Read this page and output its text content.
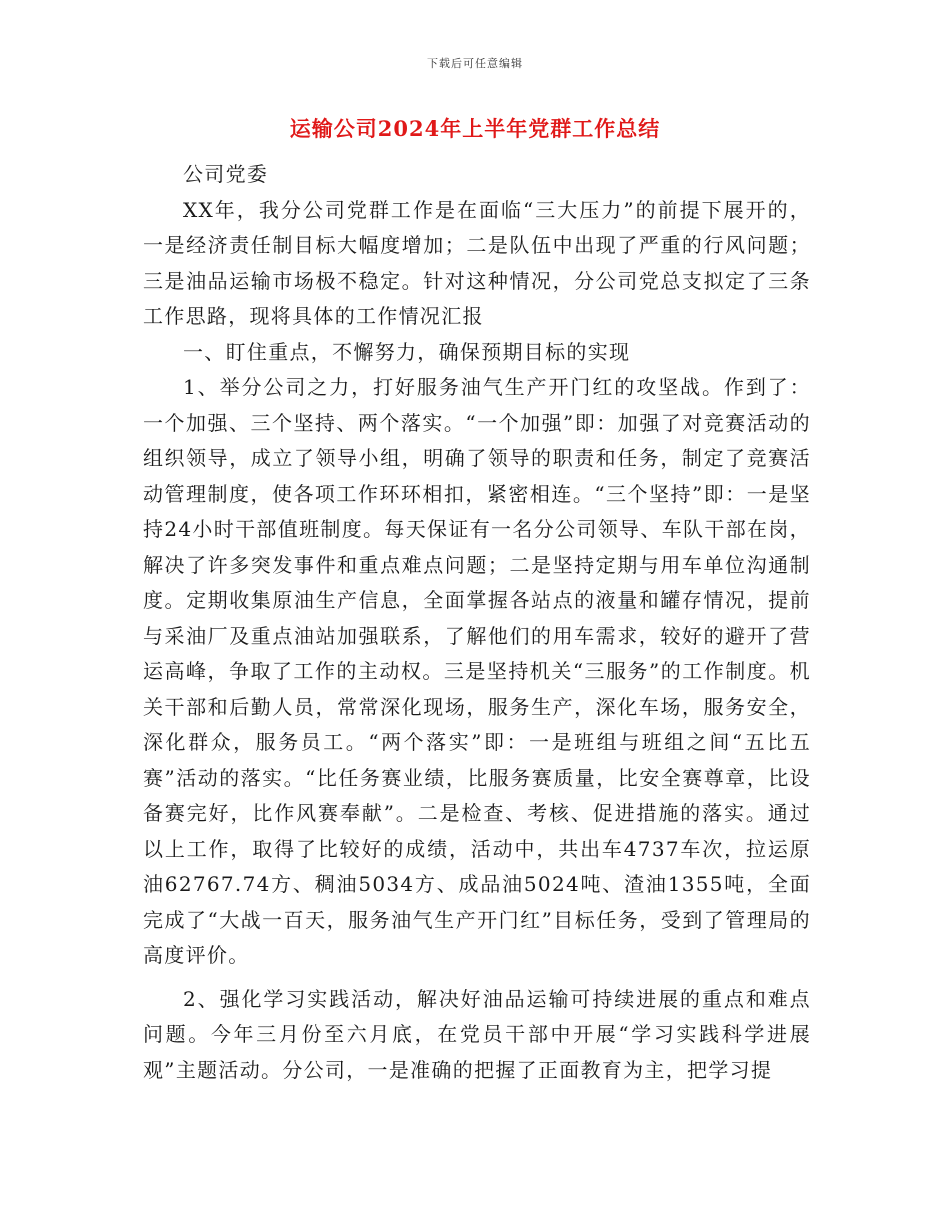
下载后可任意编辑
运输公司2024年上半年党群工作总结

公司党委

XX年，我分公司党群工作是在面临“三大压力”的前提下展开的，一是经济责任制目标大幅度增加；二是队伍中出现了严重的行风问题；三是油品运输市场极不稳定。针对这种情况，分公司党总支拟定了三条工作思路，现将具体的工作情况汇报

一、盯住重点，不懈努力，确保预期目标的实现

1、举分公司之力，打好服务油气生产开门红的攻坚战。作到了：一个加强、三个坚持、两个落实。“一个加强”即：加强了对竞赛活动的组织领导，成立了领导小组，明确了领导的职责和任务，制定了竞赛活动管理制度，使各项工作环环相扣，紧密相连。“三个坚持”即：一是坚持24小时干部值班制度。每天保证有一名分公司领导、车队干部在岗，解决了许多突发事件和重点难点问题；二是坚持定期与用车单位沟通制度。定期收集原油生产信息，全面掌握各站点的液量和罐存情况，提前与采油厂及重点油站加强联系，了解他们的用车需求，较好的避开了营运高峰，争取了工作的主动权。三是坚持机关“三服务”的工作制度。机关干部和后勤人员，常常深化现场，服务生产，深化车场，服务安全，深化群众，服务员工。“两个落实”即：一是班组与班组之间“五比五赛”活动的落实。“比任务赛业绩，比服务赛质量，比安全赛尊章，比设备赛完好，比作风赛奉献”。二是检查、考核、促进措施的落实。通过以上工作，取得了比较好的成绩，活动中，共出车4737车次，拉运原油62767.74方、稠油5034方、成品油5024吨、渣油1355吨，全面完成了“大战一百天，服务油气生产开门红”目标任务，受到了管理局的高度评价。

2、强化学习实践活动，解决好油品运输可持续进展的重点和难点问题。今年三月份至六月底，在党员干部中开展“学习实践科学进展观”主题活动。分公司，一是准确的把握了正面教育为主，把学习提
